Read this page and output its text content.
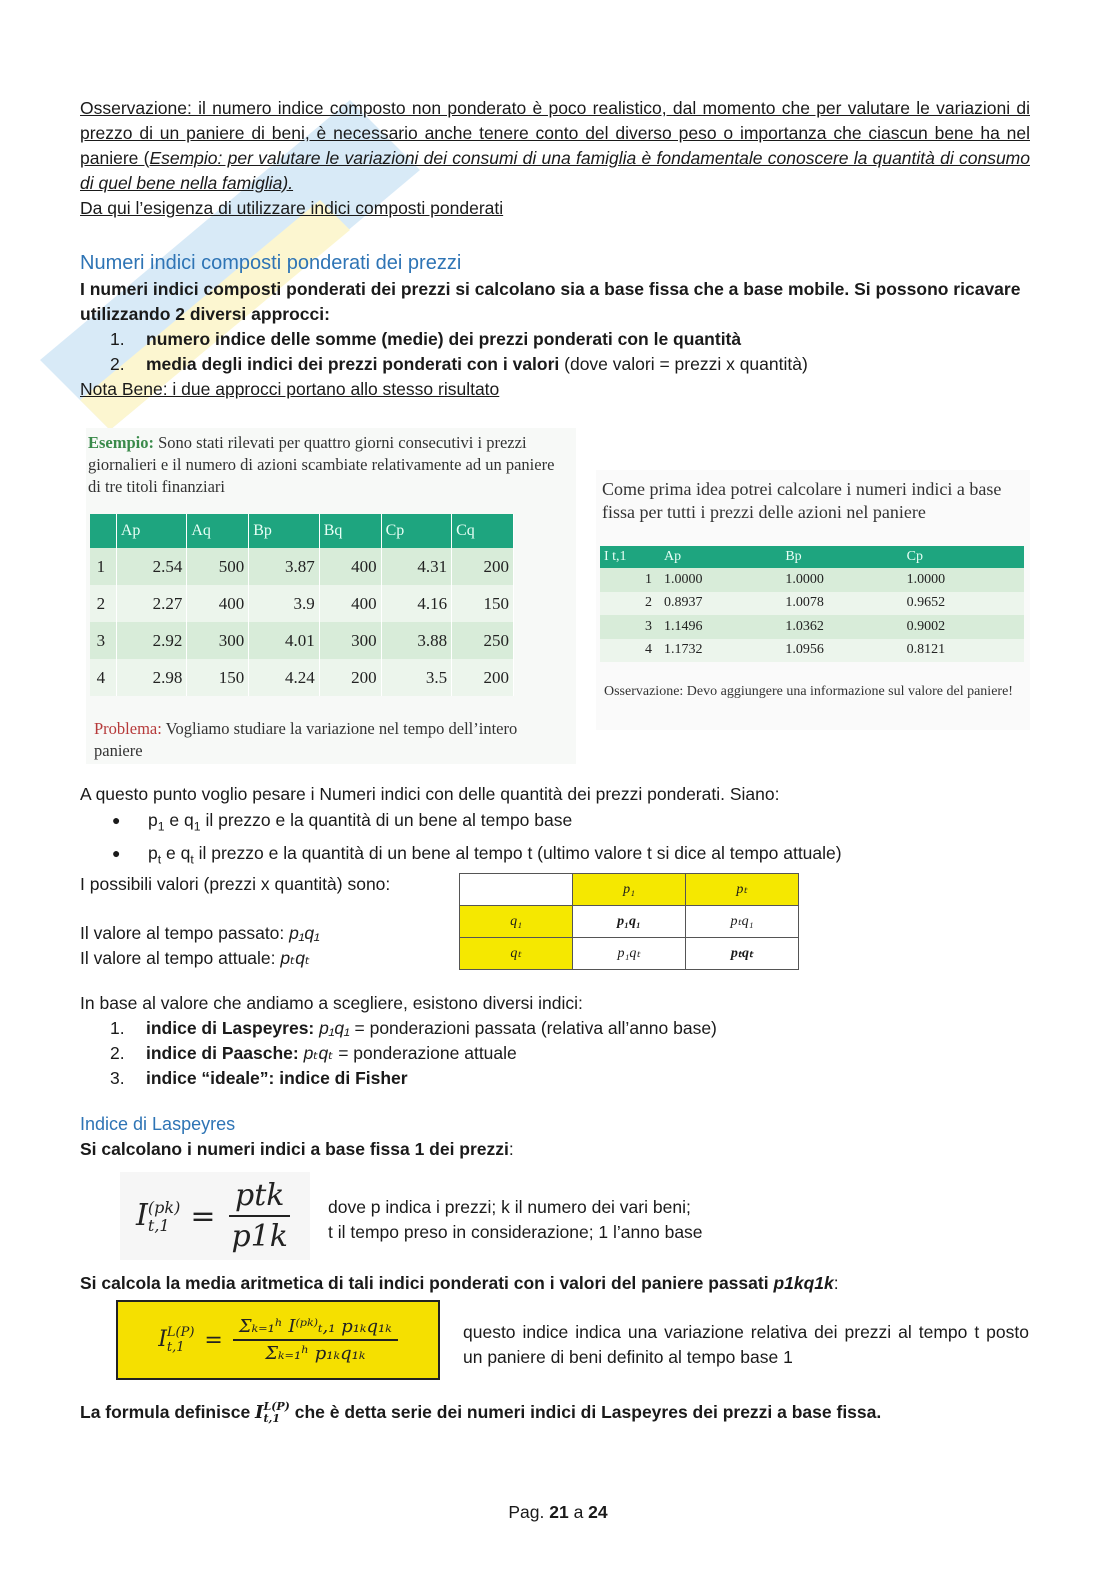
Osservazione: il numero indice composto non ponderato è poco realistico, dal momento che per valutare le variazioni di prezzo di un paniere di beni, è necessario anche tenere conto del diverso peso o importanza che ciascun bene ha nel paniere (Esempio: per valutare le variazioni dei consumi di una famiglia è fondamentale conoscere la quantità di consumo di quel bene nella famiglia).
Da qui l’esigenza di utilizzare indici composti ponderati
Numeri indici composti ponderati dei prezzi
I numeri indici composti ponderati dei prezzi si calcolano sia a base fissa che a base mobile. Si possono ricavare utilizzando 2 diversi approcci:
1.	numero indice delle somme (medie) dei prezzi ponderati con le quantità
2.	media degli indici dei prezzi ponderati con i valori (dove valori = prezzi x quantità)
Nota Bene: i due approcci portano allo stesso risultato
Esempio: Sono stati rilevati per quattro giorni consecutivi i prezzi giornalieri e il numero di azioni scambiate relativamente ad un paniere di tre titoli finanziari
	Ap	Aq	Bp	Bq	Cp	Cq
1	2.54	500	3.87	400	4.31	200
2	2.27	400	3.9	400	4.16	150
3	2.92	300	4.01	300	3.88	250
4	2.98	150	4.24	200	3.5	200
Problema: Vogliamo studiare la variazione nel tempo dell’intero paniere
Come prima idea potrei calcolare i numeri indici a base fissa per tutti i prezzi delle azioni nel paniere
I t,1	Ap	Bp	Cp
1	1.0000	1.0000	1.0000
2	0.8937	1.0078	0.9652
3	1.1496	1.0362	0.9002
4	1.1732	1.0956	0.8121
Osservazione: Devo aggiungere una informazione sul valore del paniere!
A questo punto voglio pesare i Numeri indici con delle quantità dei prezzi ponderati. Siano:
●	$p_1$ e $q_1$ il prezzo e la quantità di un bene al tempo base
●	$p_t$ e $q_t$ il prezzo e la quantità di un bene al tempo t (ultimo valore t si dice al tempo attuale)
I possibili valori (prezzi x quantità) sono:
Il valore al tempo passato: p₁q₁
Il valore al tempo attuale: pₜqₜ
	p₁	pₜ
q₁	p₁q₁	pₜq₁
qₜ	p₁qₜ	pₜqₜ
In base al valore che andiamo a scegliere, esistono diversi indici:
1.	indice di Laspeyres: p₁q₁ = ponderazioni passata (relativa all’anno base)
2.	indice di Paasche: pₜqₜ = ponderazione attuale
3.	indice “ideale”: indice di Fisher
Indice di Laspeyres
Si calcolano i numeri indici a base fissa 1 dei prezzi:
I (pk)
$t,1 = \frac{\text{ptk}}{p1k}$ dove p indica i prezzi; k il numero dei vari beni;
t il tempo preso in considerazione; 1 l’anno base
Si calcola la media aritmetica di tali indici ponderati con i valori del paniere passati p1kq1k:
I L(P)
$t,1 = \frac{\text{Σₖ₌₁ʰ I⁽ᵖᵏ⁾ₜ,₁ p₁ₖq₁ₖ}}{\text{Σₖ₌₁ʰ p₁ₖq₁ₖ}}$	questo indice indica una variazione relativa dei prezzi al tempo t posto un paniere di beni definito al tempo base 1
La formula definisce I L(P)
t,1 che è detta serie dei numeri indici di Laspeyres dei prezzi a base fissa.
Pag. 21 a 24
